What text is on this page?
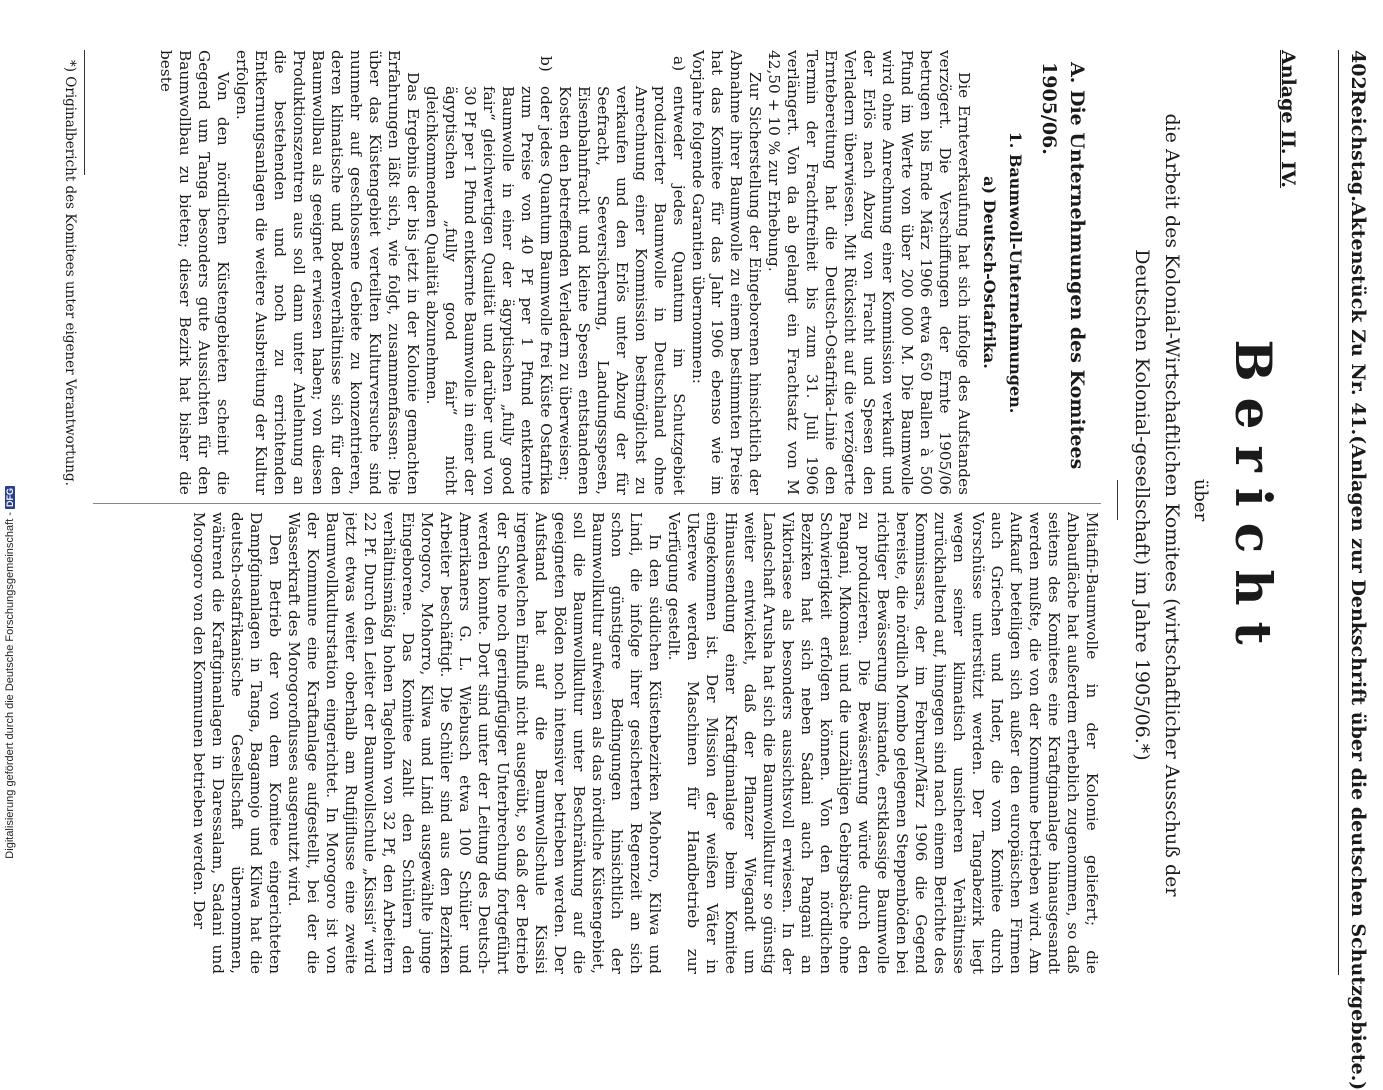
402
Reichstag.
Aktenstück Zu Nr. 41.
(Anlagen zur Denkschrift über die deutschen Schutzgebiete.)
Anlage II. IV.
Bericht
über
die Arbeit des Kolonial-Wirtschaftlichen Komitees (wirtschaftlicher Ausschuß der Deutschen Kolonial-gesellschaft) im Jahre 1905/06.*)
A. Die Unternehmungen des Komitees 1905/06.
1. Baumwoll-Unternehmungen.
a) Deutsch-Ostafrika.

Die Ernteverkaufung hat sich infolge des Aufstandes verzögert. Die Verschiffungen der Ernte 1905/06 betrugen bis Ende März 1906 etwa 650 Ballen à 500 Pfund im Werte von über 200 000 M. Die Baumwolle wird ohne Anrechnung einer Kommission verkauft und der Erlös nach Abzug von Fracht und Spesen den Verladern überwiesen. Mit Rücksicht auf die verzögerte Erntebereitung hat die Deutsch-Ostafrika-Linie den Termin der Frachtfreiheit bis zum 31. Juli 1906 verlängert. Von da ab gelangt ein Frachtsatz von M 42,50 + 10 % zur Erhebung.

Zur Sicherstellung der Eingeborenen hinsichtlich der Abnahme ihrer Baumwolle zu einem bestimmten Preise hat das Komitee für das Jahr 1906 ebenso wie im Vorjahre folgende Garantien übernommen:

a)
entweder jedes Quantum im Schutzgebiet produzierter Baumwolle in Deutschland ohne Anrechnung einer Kommission bestmöglichst zu verkaufen und den Erlös unter Abzug der für Seefracht, Seeversicherung, Landungsspesen, Eisenbahnfracht und kleine Spesen entstandenen Kosten den betreffenden Verladern zu überweisen;

b)
oder jedes Quantum Baumwolle frei Küste Ostafrika zum Preise von 40 Pf per 1 Pfund entkernte Baumwolle in einer der ägyptischen „fully good fair“ gleichwertigen Qualität und darüber und von 30 Pf per 1 Pfund entkernte Baumwolle in einer der ägyptischen „fully good fair“ nicht gleichkommenden Qualität abzunehmen.

Das Ergebnis der bis jetzt in der Kolonie gemachten Erfahrungen läßt sich, wie folgt, zusammenfassen: Die über das Küstengebiet verteilten Kulturversuche sind nunmehr auf geschlossene Gebiete zu konzentrieren, deren klimatische und Bodenverhältnisse sich für den Baumwollbau als geeignet erwiesen haben; von diesen Produktionszentren aus soll dann unter Anlehnung an die bestehenden und noch zu errichtenden Entkernungsanlagen die weitere Ausbreitung der Kultur erfolgen.

Von den nördlichen Küstengebieten scheint die Gegend um Tanga besonders gute Aussichten für den Baumwollbau zu bieten; dieser Bezirk hat bisher die beste

Mitafifi-Baumwolle in der Kolonie geliefert; die Anbaufläche hat außerdem erheblich zugenommen, so daß seitens des Komitees eine Kraftginanlage hinausgesandt werden mußte, die von der Kommune betrieben wird. Am Aufkauf beteiligen sich außer den europäischen Firmen auch Griechen und Inder, die vom Komitee durch Vorschüsse unterstützt werden. Der Tangabezirk liegt wegen seiner klimatisch unsicheren Verhältnisse zurückhaltend auf, hingegen sind nach einem Berichte des Kommissars, der im Februar/März 1906 die Gegend bereiste, die nördlich Mombo gelegenen Steppenböden bei richtiger Bewässerung imstande, erstklassige Baumwolle zu produzieren. Die Bewässerung würde durch den Pangani, Mkomasi und die unzähligen Gebirgsbäche ohne Schwierigkeit erfolgen können. Von den nördlichen Bezirken hat sich neben Sadani auch Pangani an Viktoriasee als besonders aussichtsvoll erwiesen. In der Landschaft Arusha hat sich die Baumwollkultur so günstig weiter entwickelt, daß der Pflanzer Wiegandt um Hinaussendung einer Kraftginanlage beim Komitee eingekommen ist. Der Mission der weißen Väter in Ukerewe werden Maschinen für Handbetrieb zur Verfügung gestellt.

In den südlichen Küstenbezirken Mohorro, Kilwa und Lindi, die infolge ihrer gesicherten Regenzeit an sich schon günstigere Bedingungen hinsichtlich der Baumwollkultur aufweisen als das nördliche Küstengebiet, soll die Baumwollkultur unter Beschränkung auf die geeigneten Böden noch intensiver betrieben werden. Der Aufstand hat auf die Baumwollschule Kissisi irgendwelchen Einfluß nicht ausgeübt, so daß der Betrieb der Schule noch geringfügiger Unterbrechung fortgeführt werden konnte. Dort sind unter der Leitung des Deutsch-Amerikaners G. L. Wiebusch etwa 100 Schüler und Arbeiter beschäftigt. Die Schüler sind aus den Bezirken Morogoro, Mohorro, Kilwa und Lindi ausgewählte junge Eingeborene. Das Komitee zahlt den Schülern den verhältnismäßig hohen Tagelohn von 32 Pf, den Arbeitern 22 Pf. Durch den Leiter der Baumwollschule „Kissisi“ wird jetzt etwas weiter oberhalb am Rufijiflusse eine zweite Baumwollkulturstation eingerichtet. In Morogoro ist von der Kommune eine Kraftanlage aufgestellt, bei der die Wasserkraft des Morogoroflusses ausgenutzt wird.

Den Betrieb der von dem Komitee eingerichteten Dampfginanlagen in Tanga, Bagamojo und Kilwa hat die deutsch-ostafrikanische Gesellschaft übernommen, während die Kraftginanlagen in Daressalam, Sadani und Morogoro von den Kommunen betrieben werden. Der

*) Originalbericht des Komitees unter eigener Verantwortung.
Digitalisierung gefördert durch die Deutsche Forschungsgemeinschaft -DFG
